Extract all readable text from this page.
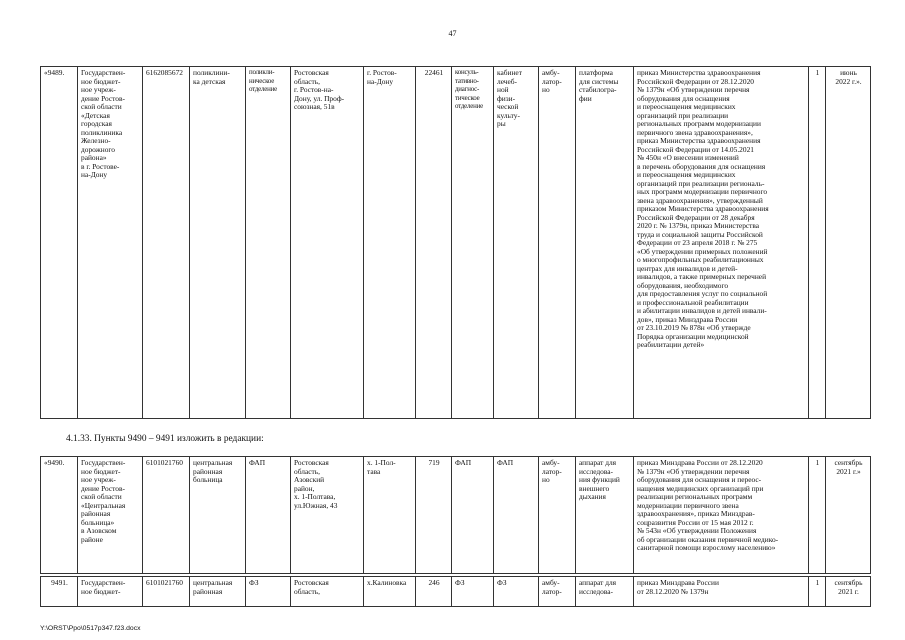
47
«9489.	Государствен-
ное бюджет-
ное учреж-
дение Ростов-
ской области
«Детская
городская
поликлиника
Железно-
дорожного
района»
в г. Ростове-
на-Дону	6162085672	поликлини-
ка детская	поликли-
ническое
отделение	Ростовская
область,
г. Ростов-на-
Дону, ул. Проф-
союзная, 51в	г. Ростов-
на-Дону	22461	консуль-
тативно-
диагнос-
тическое
отделение	кабинет
лечеб-
ной
физи-
ческой
культу-
ры	амбу-
латор-
но	платформа
для системы
стабилогра-
фии	приказ Министерства здравоохранения
Российской Федерации от 28.12.2020
№ 1379н «Об утверждении перечня
оборудования для оснащения
и переоснащения медицинских
организаций при реализации
региональных программ модернизации
первичного звена здравоохранения»,
приказ Министерства здравоохранения
Российской Федерации от 14.05.2021
№ 450н «О внесении изменений
в перечень оборудования для оснащения
и переоснащения медицинских
организаций при реализации региональ-
ных программ модернизации первичного
звена здравоохранения», утвержденный
приказом Министерства здравоохранения
Российской Федерации от 28 декабря
2020 г. № 1379н, приказ Министерства
труда и социальной защиты Российской
Федерации от 23 апреля 2018 г. № 275
«Об утверждении примерных положений
о многопрофильных реабилитационных
центрах для инвалидов и детей-
инвалидов, а также примерных перечней
оборудования, необходимого
для предоставления услуг по социальной
и профессиональной реабилитации
и абилитации инвалидов и детей инвали-
дов», приказ Минздрава России
от 23.10.2019 № 878н «Об утвержде
Порядка организации медицинской
реабилитации детей»	1	июнь
2022 г.».
4.1.33. Пункты 9490 – 9491 изложить в редакции:
«9490.	Государствен-
ное бюджет-
ное учреж-
дение Ростов-
ской области
«Центральная
районная
больница»
в Азовском
районе	6101021760	центральная
районная
больница	ФАП	Ростовская
область,
Азовский
район,
х. 1-Полтава,
ул.Южная, 43	х. 1-Пол-
тава	719	ФАП	ФАП	амбу-
латор-
но	аппарат для
исследова-
ния функций
внешнего
дыхания	приказ Минздрава России от 28.12.2020
№ 1379н «Об утверждении перечня
оборудования для оснащения и переос-
нащения медицинских организаций при
реализации региональных программ
модернизации первичного звена
здравоохранения», приказ Минздрав-
соцразвития России от 15 мая 2012 г.
№ 543н «Об утверждении Положения
об организации оказания первичной медико-
санитарной помощи взрослому населению»	1	сентябрь
2021 г.»
9491.	Государствен-
ное бюджет-	6101021760	центральная
районная	ФЗ	Ростовская
область,	х.Калиновка	246	ФЗ	ФЗ	амбу-
латор-	аппарат для
исследова-	приказ Минздрава России
от 28.12.2020 № 1379н	1	сентябрь
2021 г.
Y:\ORST\Ppo\0517p347.f23.docx
